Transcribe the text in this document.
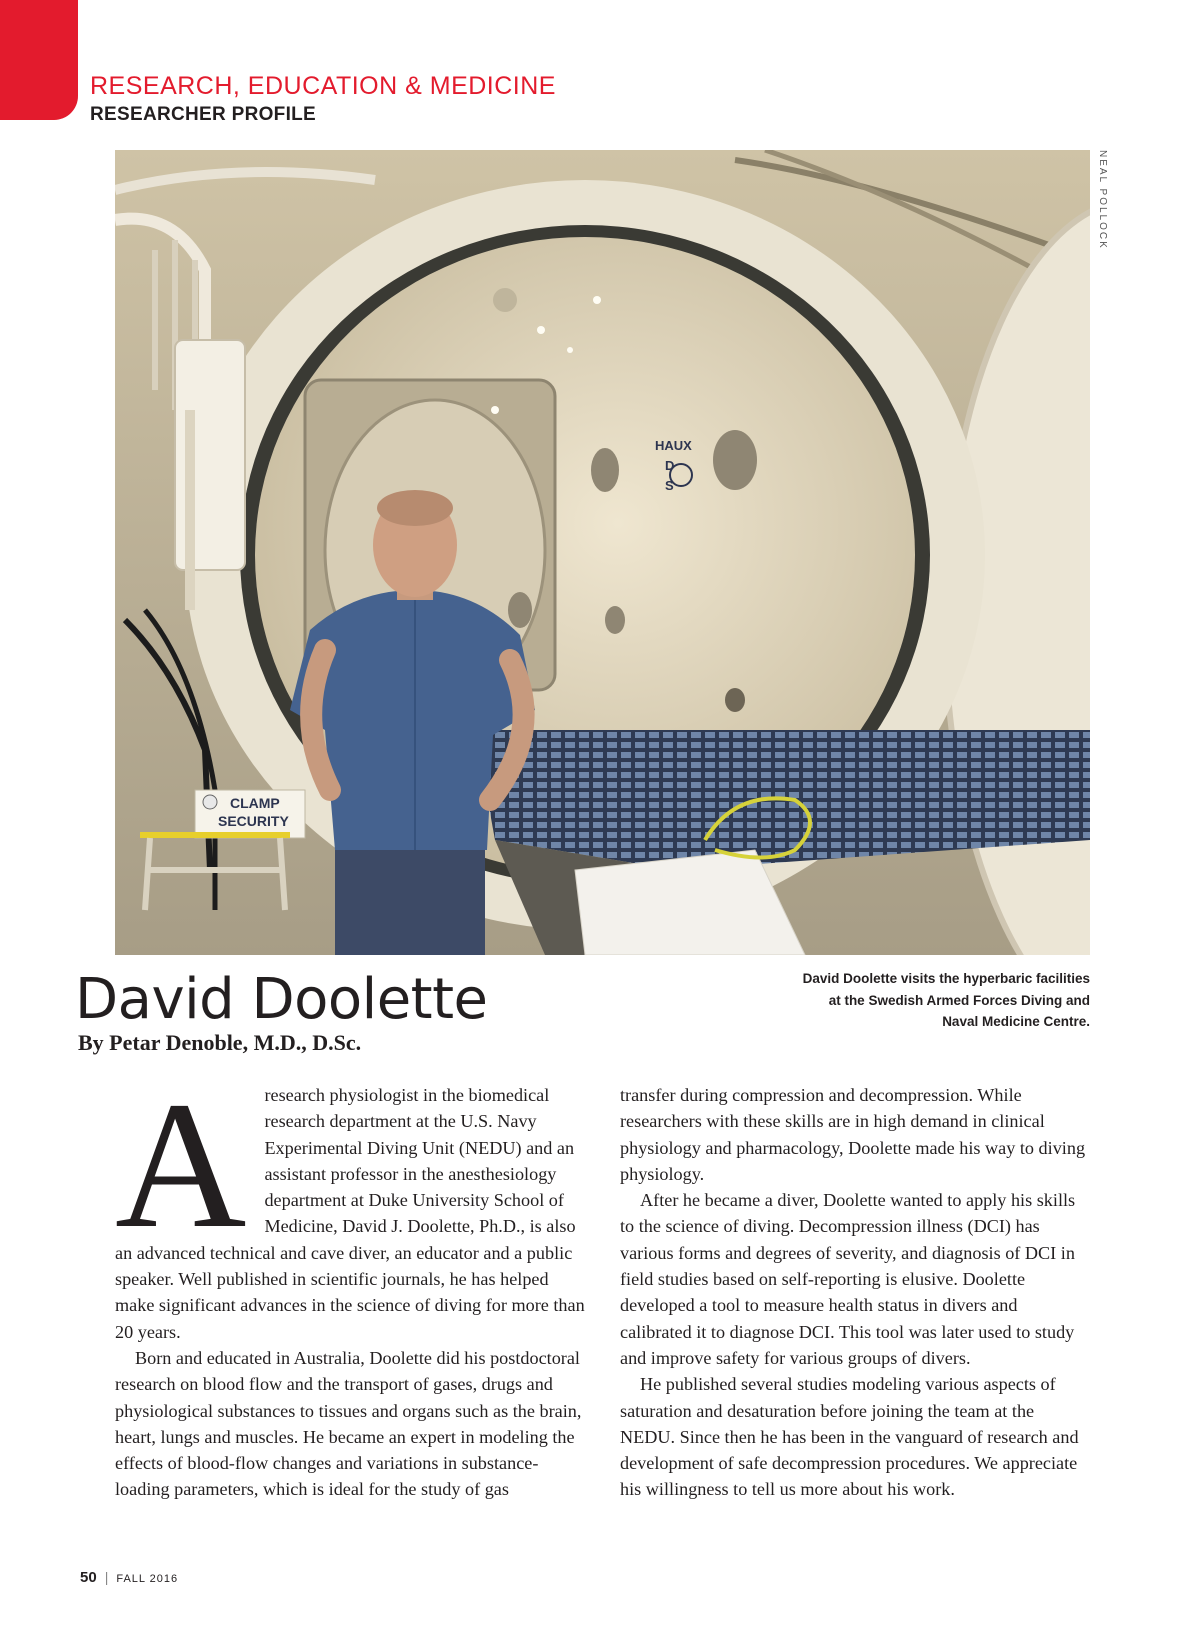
RESEARCH, EDUCATION & MEDICINE
RESEARCHER PROFILE
HAUX
D
S
CLAMP
SECURITY
NEAL POLLOCK
David Doolette
By Petar Denoble, M.D., D.Sc.
David Doolette visits the hyperbaric facilities at the Swedish Armed Forces Diving and Naval Medicine Centre.

Aresearch physiologist in the biomedical research department at the U.S. Navy Experimental Diving Unit (NEDU) and an assistant professor in the anesthesiology department at Duke University School of Medicine, David J. Doolette, Ph.D., is also an advanced technical and cave diver, an educator and a public speaker. Well published in scientific journals, he has helped make significant advances in the science of diving for more than 20 years.

Born and educated in Australia, Doolette did his postdoctoral research on blood flow and the transport of gases, drugs and physiological substances to tissues and organs such as the brain, heart, lungs and muscles. He became an expert in modeling the effects of blood-flow changes and variations in substance-loading parameters, which is ideal for the study of gas

transfer during compression and decompression. While researchers with these skills are in high demand in clinical physiology and pharmacology, Doolette made his way to diving physiology.

After he became a diver, Doolette wanted to apply his skills to the science of diving. Decompression illness (DCI) has various forms and degrees of severity, and diagnosis of DCI in field studies based on self-reporting is elusive. Doolette developed a tool to measure health status in divers and calibrated it to diagnose DCI. This tool was later used to study and improve safety for various groups of divers.

He published several studies modeling various aspects of saturation and desaturation before joining the team at the NEDU. Since then he has been in the vanguard of research and development of safe decompression procedures. We appreciate his willingness to tell us more about his work.

50 | FALL 2016
